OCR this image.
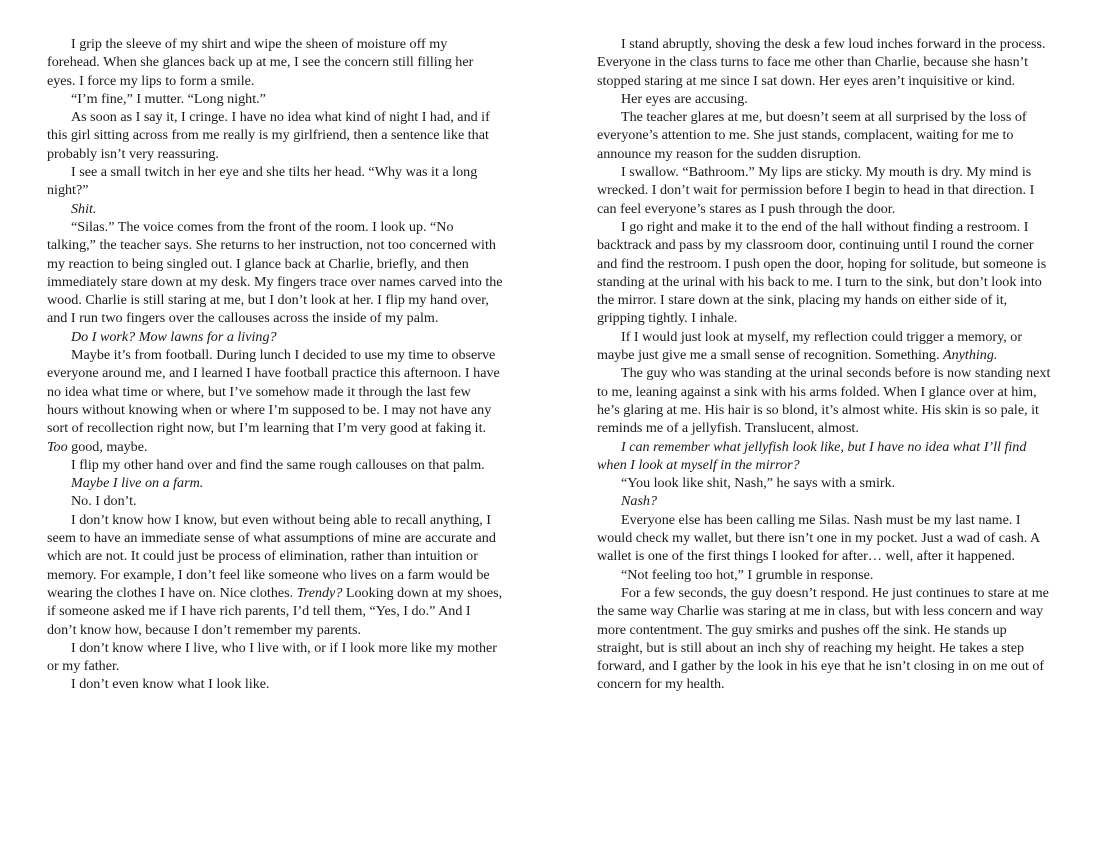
I grip the sleeve of my shirt and wipe the sheen of moisture off my forehead. When she glances back up at me, I see the concern still filling her eyes. I force my lips to form a smile.

“I’m fine,” I mutter. “Long night.”

As soon as I say it, I cringe. I have no idea what kind of night I had, and if this girl sitting across from me really is my girlfriend, then a sentence like that probably isn’t very reassuring.

I see a small twitch in her eye and she tilts her head. “Why was it a long night?”

Shit.

“Silas.” The voice comes from the front of the room. I look up. “No talking,” the teacher says. She returns to her instruction, not too concerned with my reaction to being singled out. I glance back at Charlie, briefly, and then immediately stare down at my desk. My fingers trace over names carved into the wood. Charlie is still staring at me, but I don’t look at her. I flip my hand over, and I run two fingers over the callouses across the inside of my palm.

Do I work? Mow lawns for a living?

Maybe it’s from football. During lunch I decided to use my time to observe everyone around me, and I learned I have football practice this afternoon. I have no idea what time or where, but I’ve somehow made it through the last few hours without knowing when or where I’m supposed to be. I may not have any sort of recollection right now, but I’m learning that I’m very good at faking it. Too good, maybe.

I flip my other hand over and find the same rough callouses on that palm.

Maybe I live on a farm.

No. I don’t.

I don’t know how I know, but even without being able to recall anything, I seem to have an immediate sense of what assumptions of mine are accurate and which are not. It could just be process of elimination, rather than intuition or memory. For example, I don’t feel like someone who lives on a farm would be wearing the clothes I have on. Nice clothes. Trendy? Looking down at my shoes, if someone asked me if I have rich parents, I’d tell them, “Yes, I do.” And I don’t know how, because I don’t remember my parents.

I don’t know where I live, who I live with, or if I look more like my mother or my father.

I don’t even know what I look like.

I stand abruptly, shoving the desk a few loud inches forward in the process. Everyone in the class turns to face me other than Charlie, because she hasn’t stopped staring at me since I sat down. Her eyes aren’t inquisitive or kind.

Her eyes are accusing.

The teacher glares at me, but doesn’t seem at all surprised by the loss of everyone’s attention to me. She just stands, complacent, waiting for me to announce my reason for the sudden disruption.

I swallow. “Bathroom.” My lips are sticky. My mouth is dry. My mind is wrecked. I don’t wait for permission before I begin to head in that direction. I can feel everyone’s stares as I push through the door.

I go right and make it to the end of the hall without finding a restroom. I backtrack and pass by my classroom door, continuing until I round the corner and find the restroom. I push open the door, hoping for solitude, but someone is standing at the urinal with his back to me. I turn to the sink, but don’t look into the mirror. I stare down at the sink, placing my hands on either side of it, gripping tightly. I inhale.

If I would just look at myself, my reflection could trigger a memory, or maybe just give me a small sense of recognition. Something. Anything.

The guy who was standing at the urinal seconds before is now standing next to me, leaning against a sink with his arms folded. When I glance over at him, he’s glaring at me. His hair is so blond, it’s almost white. His skin is so pale, it reminds me of a jellyfish. Translucent, almost.

I can remember what jellyfish look like, but I have no idea what I’ll find when I look at myself in the mirror?

“You look like shit, Nash,” he says with a smirk.

Nash?

Everyone else has been calling me Silas. Nash must be my last name. I would check my wallet, but there isn’t one in my pocket. Just a wad of cash. A wallet is one of the first things I looked for after… well, after it happened.

“Not feeling too hot,” I grumble in response.

For a few seconds, the guy doesn’t respond. He just continues to stare at me the same way Charlie was staring at me in class, but with less concern and way more contentment. The guy smirks and pushes off the sink. He stands up straight, but is still about an inch shy of reaching my height. He takes a step forward, and I gather by the look in his eye that he isn’t closing in on me out of concern for my health.
